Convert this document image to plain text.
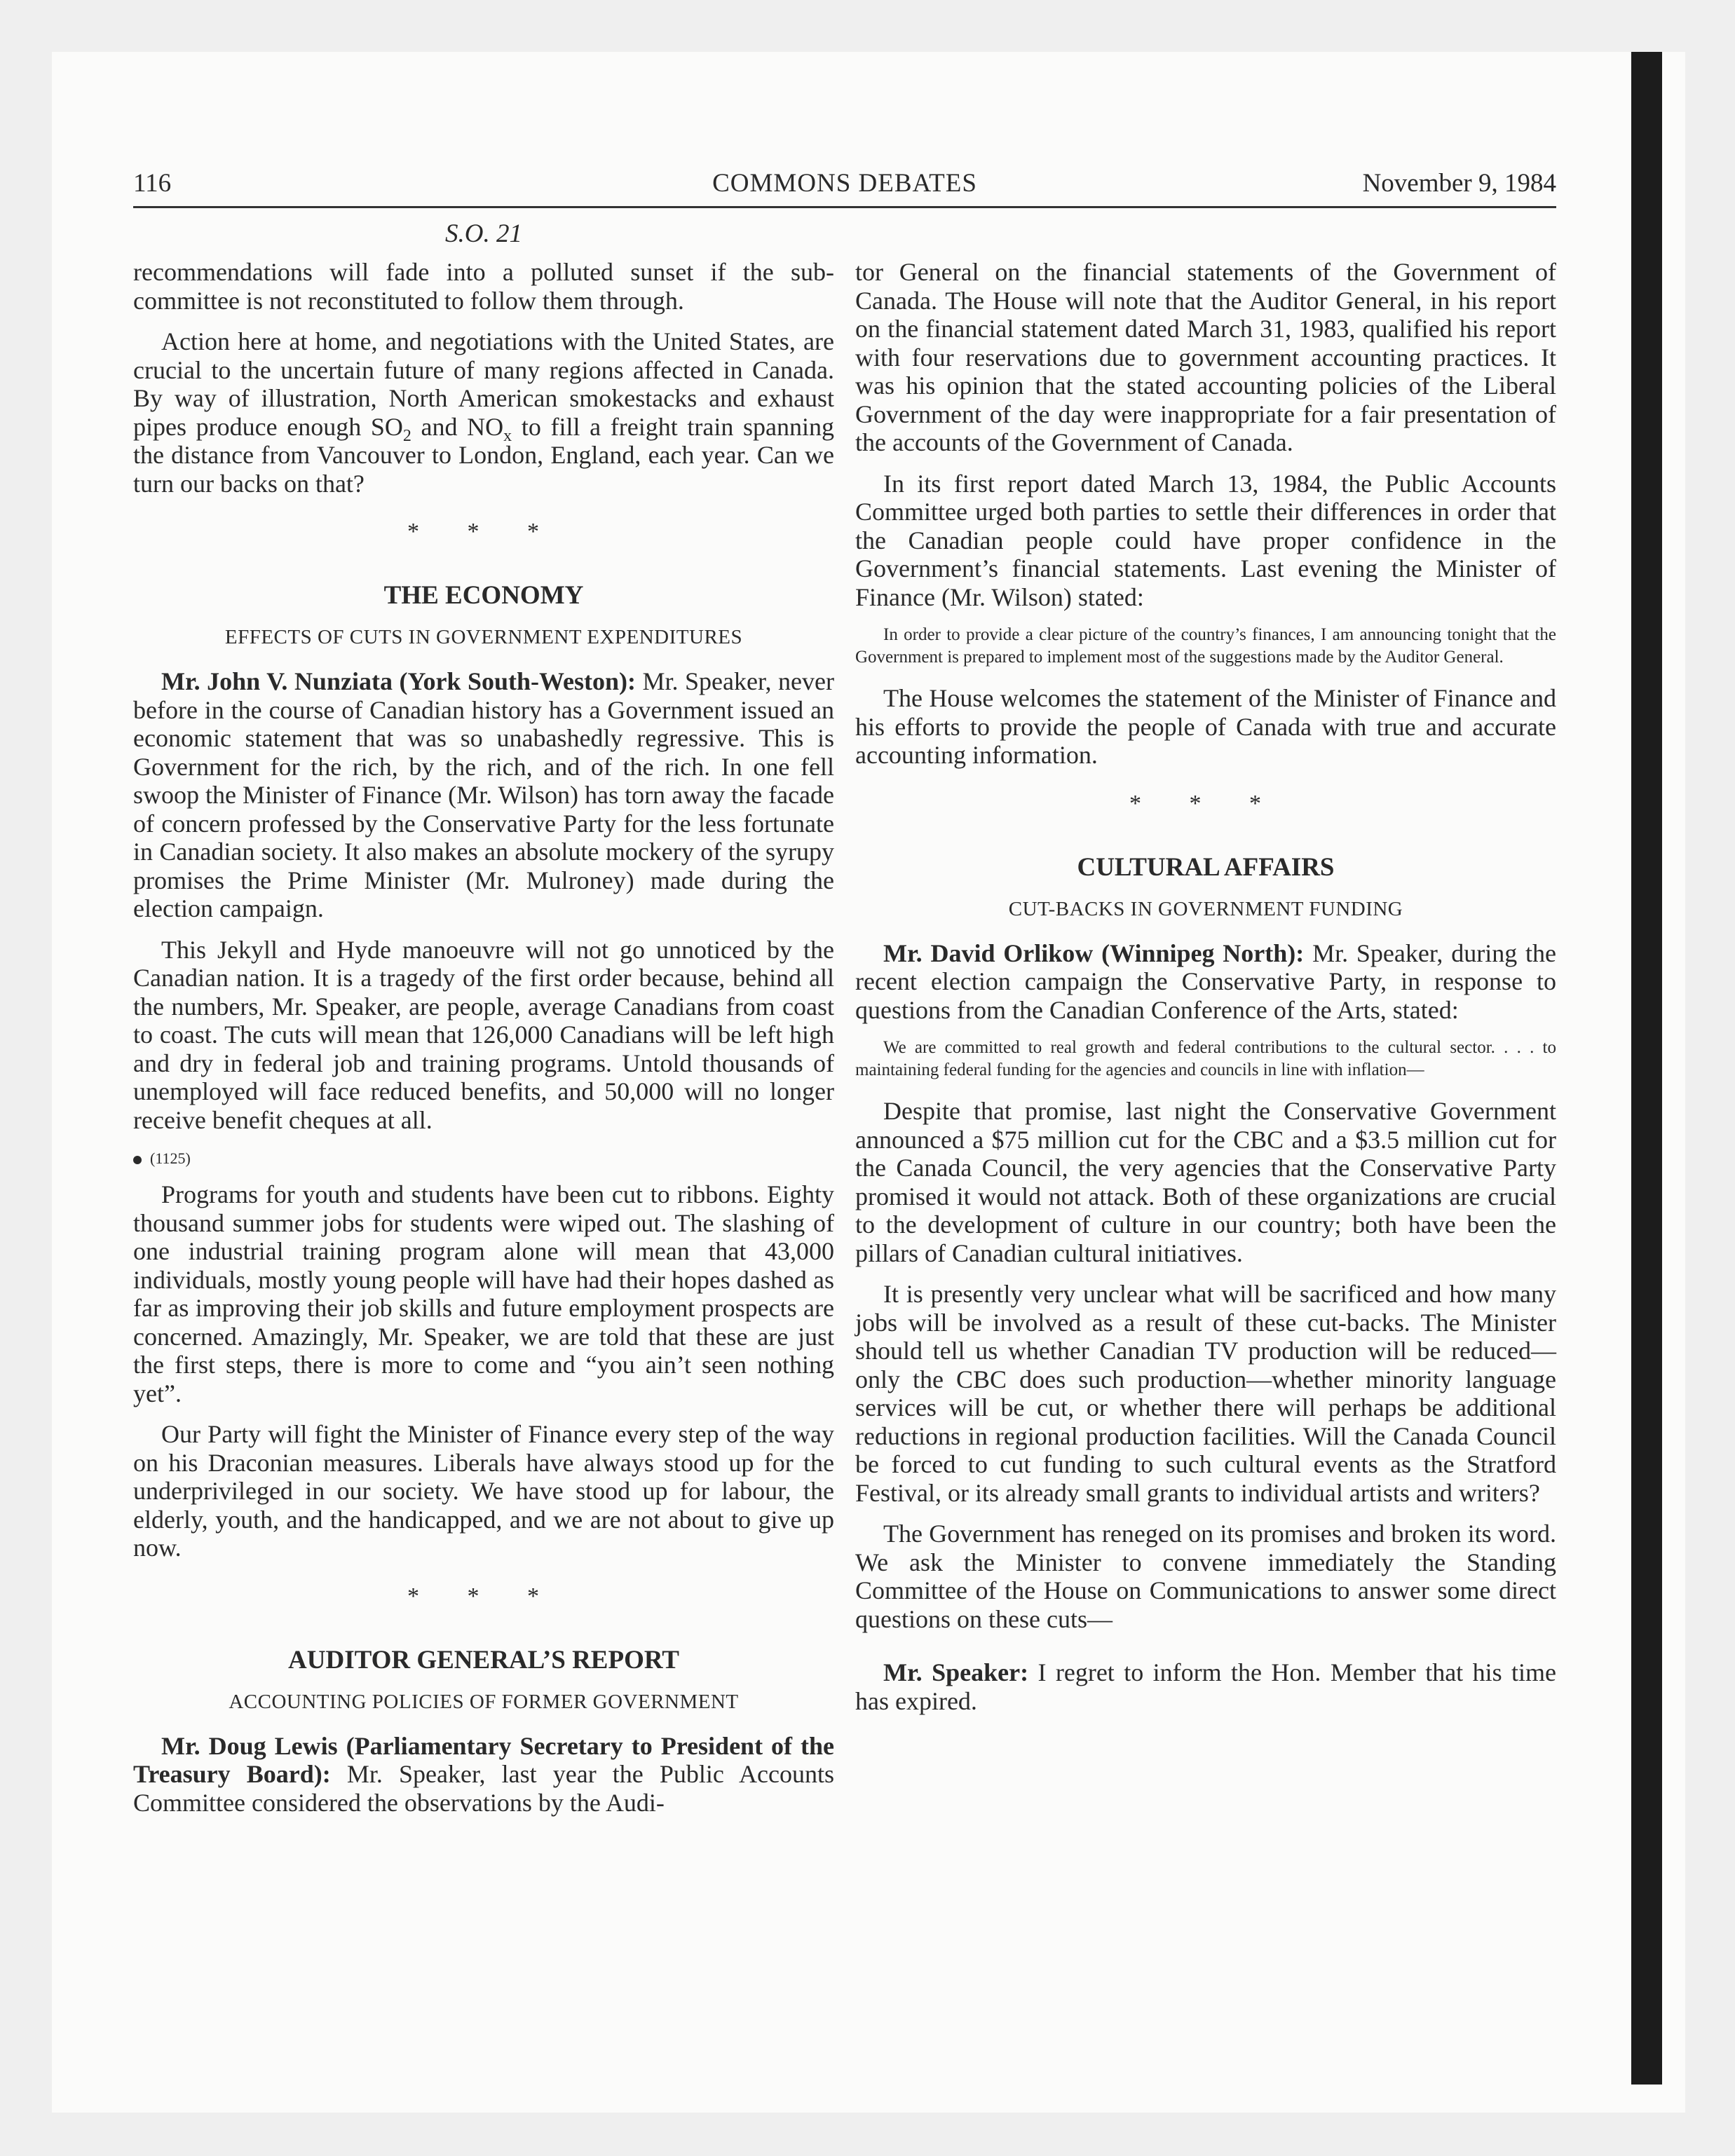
116	COMMONS DEBATES	November 9, 1984
S.O. 21

recommendations will fade into a polluted sunset if the sub-committee is not reconstituted to follow them through.

Action here at home, and negotiations with the United States, are crucial to the uncertain future of many regions affected in Canada. By way of illustration, North American smokestacks and exhaust pipes produce enough $SO_2$ and $NO_x$ to fill a freight train spanning the distance from Vancouver to London, England, each year. Can we turn our backs on that?

* * *
THE ECONOMY
EFFECTS OF CUTS IN GOVERNMENT EXPENDITURES

Mr. John V. Nunziata (York South-Weston): Mr. Speaker, never before in the course of Canadian history has a Government issued an economic statement that was so unabashedly regressive. This is Government for the rich, by the rich, and of the rich. In one fell swoop the Minister of Finance (Mr. Wilson) has torn away the facade of concern professed by the Conservative Party for the less fortunate in Canadian society. It also makes an absolute mockery of the syrupy promises the Prime Minister (Mr. Mulroney) made during the election campaign.

This Jekyll and Hyde manoeuvre will not go unnoticed by the Canadian nation. It is a tragedy of the first order because, behind all the numbers, Mr. Speaker, are people, average Canadians from coast to coast. The cuts will mean that 126,000 Canadians will be left high and dry in federal job and training programs. Untold thousands of unemployed will face reduced benefits, and 50,000 will no longer receive benefit cheques at all.

(1125)

Programs for youth and students have been cut to ribbons. Eighty thousand summer jobs for students were wiped out. The slashing of one industrial training program alone will mean that 43,000 individuals, mostly young people will have had their hopes dashed as far as improving their job skills and future employment prospects are concerned. Amazingly, Mr. Speaker, we are told that these are just the first steps, there is more to come and “you ain’t seen nothing yet”.

Our Party will fight the Minister of Finance every step of the way on his Draconian measures. Liberals have always stood up for the underprivileged in our society. We have stood up for labour, the elderly, youth, and the handicapped, and we are not about to give up now.

* * *
AUDITOR GENERAL’S REPORT
ACCOUNTING POLICIES OF FORMER GOVERNMENT

Mr. Doug Lewis (Parliamentary Secretary to President of the Treasury Board): Mr. Speaker, last year the Public Accounts Committee considered the observations by the Audi-

tor General on the financial statements of the Government of Canada. The House will note that the Auditor General, in his report on the financial statement dated March 31, 1983, qualified his report with four reservations due to government accounting practices. It was his opinion that the stated accounting policies of the Liberal Government of the day were inappropriate for a fair presentation of the accounts of the Government of Canada.

In its first report dated March 13, 1984, the Public Accounts Committee urged both parties to settle their differences in order that the Canadian people could have proper confidence in the Government’s financial statements. Last evening the Minister of Finance (Mr. Wilson) stated:

In order to provide a clear picture of the country’s finances, I am announcing tonight that the Government is prepared to implement most of the suggestions made by the Auditor General.

The House welcomes the statement of the Minister of Finance and his efforts to provide the people of Canada with true and accurate accounting information.

* * *
CULTURAL AFFAIRS
CUT-BACKS IN GOVERNMENT FUNDING

Mr. David Orlikow (Winnipeg North): Mr. Speaker, during the recent election campaign the Conservative Party, in response to questions from the Canadian Conference of the Arts, stated:

We are committed to real growth and federal contributions to the cultural sector. . . . to maintaining federal funding for the agencies and councils in line with inflation—

Despite that promise, last night the Conservative Government announced a $75 million cut for the CBC and a $3.5 million cut for the Canada Council, the very agencies that the Conservative Party promised it would not attack. Both of these organizations are crucial to the development of culture in our country; both have been the pillars of Canadian cultural initiatives.

It is presently very unclear what will be sacrificed and how many jobs will be involved as a result of these cut-backs. The Minister should tell us whether Canadian TV production will be reduced—only the CBC does such production—whether minority language services will be cut, or whether there will perhaps be additional reductions in regional production facilities. Will the Canada Council be forced to cut funding to such cultural events as the Stratford Festival, or its already small grants to individual artists and writers?

The Government has reneged on its promises and broken its word. We ask the Minister to convene immediately the Standing Committee of the House on Communications to answer some direct questions on these cuts—

Mr. Speaker: I regret to inform the Hon. Member that his time has expired.
